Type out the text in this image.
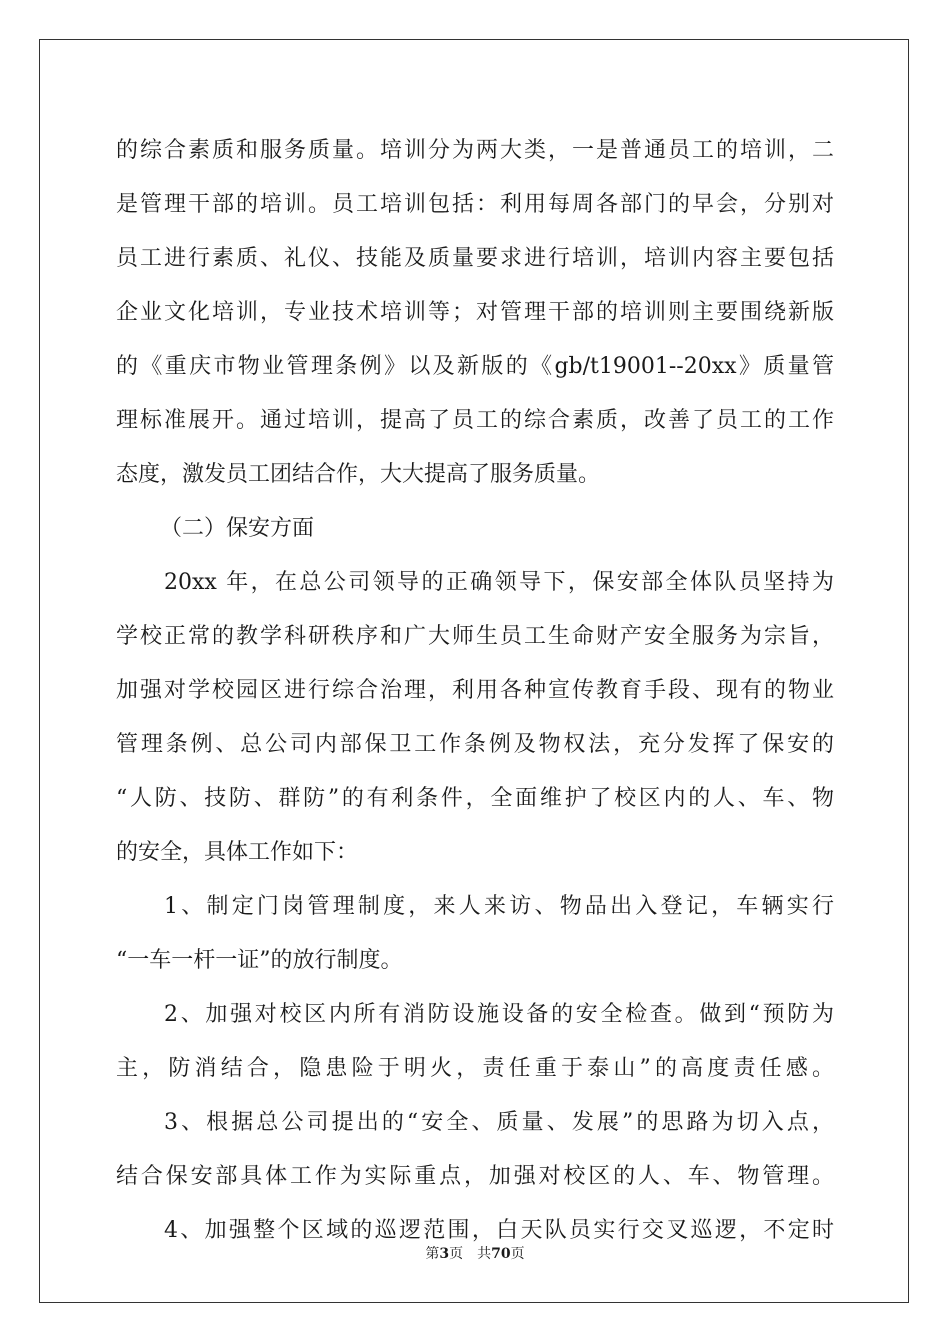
的综合素质和服务质量。培训分为两大类，一是普通员工的培训，二
是管理干部的培训。员工培训包括：利用每周各部门的早会，分别对
员工进行素质、礼仪、技能及质量要求进行培训，培训内容主要包括
企业文化培训，专业技术培训等；对管理干部的培训则主要围绕新版
的《重庆市物业管理条例》以及新版的《gb/t19001--20xx》质量管
理标准展开。通过培训，提高了员工的综合素质，改善了员工的工作
态度，激发员工团结合作，大大提高了服务质量。
（二）保安方面
20xx 年，在总公司领导的正确领导下，保安部全体队员坚持为
学校正常的教学科研秩序和广大师生员工生命财产安全服务为宗旨，
加强对学校园区进行综合治理，利用各种宣传教育手段、现有的物业
管理条例、总公司内部保卫工作条例及物权法，充分发挥了保安的
“人防、技防、群防”的有利条件，全面维护了校区内的人、车、物
的安全，具体工作如下：
1、制定门岗管理制度，来人来访、物品出入登记，车辆实行
“一车一杆一证”的放行制度。
2、加强对校区内所有消防设施设备的安全检查。做到“预防为
主，防消结合，隐患险于明火，责任重于泰山”的高度责任感。
3、根据总公司提出的“安全、质量、发展”的思路为切入点，
结合保安部具体工作为实际重点，加强对校区的人、车、物管理。
4、加强整个区域的巡逻范围，白天队员实行交叉巡逻，不定时
第3页 共70页
